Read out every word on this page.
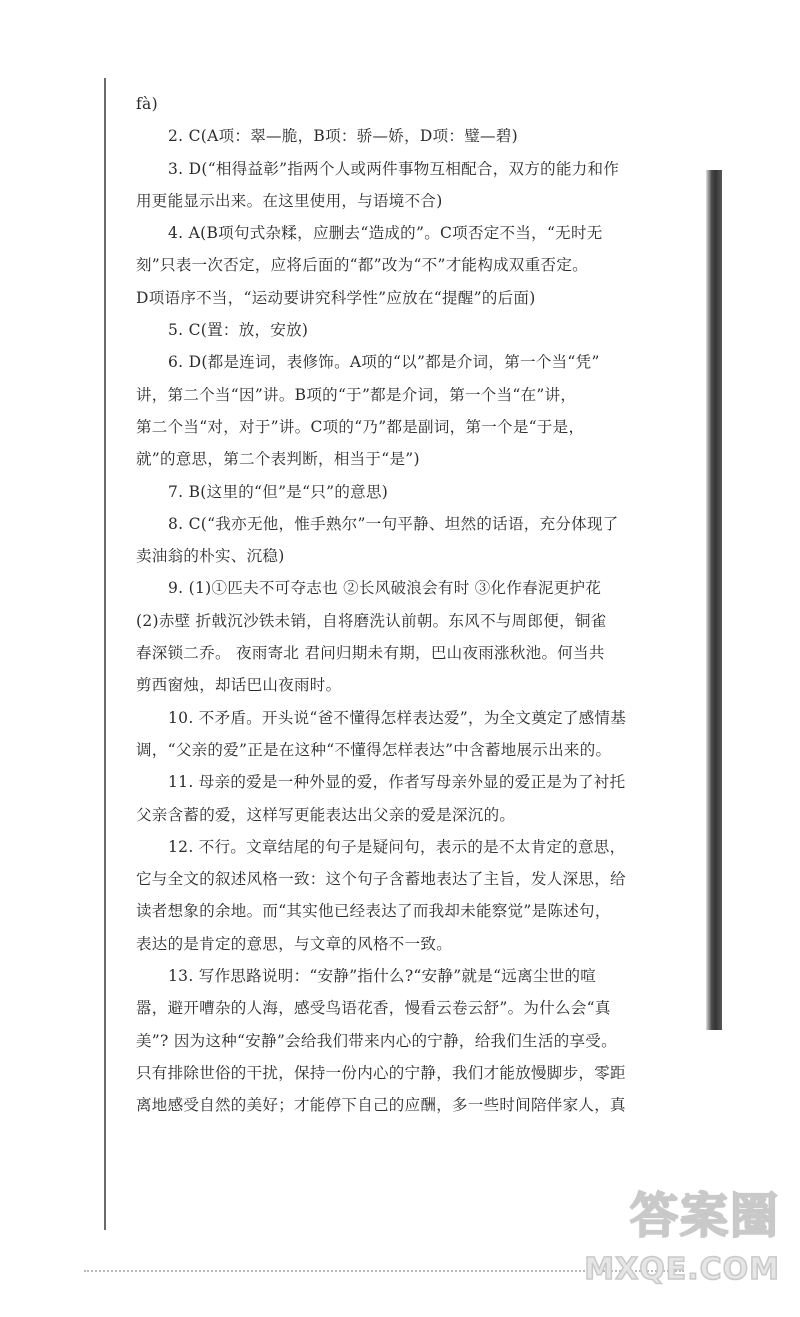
fà)

2. C(A项：翠—脆，B项：骄—娇，D项：璧—碧)

3. D(“相得益彰”指两个人或两件事物互相配合，双方的能力和作

用更能显示出来。在这里使用，与语境不合)

4. A(B项句式杂糅，应删去“造成的”。C项否定不当，“无时无

刻”只表一次否定，应将后面的“都”改为“不”才能构成双重否定。

D项语序不当，“运动要讲究科学性”应放在“提醒”的后面)

5. C(置：放，安放)

6. D(都是连词，表修饰。A项的“以”都是介词，第一个当“凭”

讲，第二个当“因”讲。B项的“于”都是介词，第一个当“在”讲，

第二个当“对，对于”讲。C项的“乃”都是副词，第一个是“于是，

就”的意思，第二个表判断，相当于“是”)

7. B(这里的“但”是“只”的意思)

8. C(“我亦无他，惟手熟尔”一句平静、坦然的话语，充分体现了

卖油翁的朴实、沉稳)

9. (1)①匹夫不可夺志也 ②长风破浪会有时 ③化作春泥更护花

(2)赤壁 折戟沉沙铁未销，自将磨洗认前朝。东风不与周郎便，铜雀

春深锁二乔。 夜雨寄北 君问归期未有期，巴山夜雨涨秋池。何当共

剪西窗烛，却话巴山夜雨时。

10. 不矛盾。开头说“爸不懂得怎样表达爱”，为全文奠定了感情基

调，“父亲的爱”正是在这种“不懂得怎样表达”中含蓄地展示出来的。

11. 母亲的爱是一种外显的爱，作者写母亲外显的爱正是为了衬托

父亲含蓄的爱，这样写更能表达出父亲的爱是深沉的。

12. 不行。文章结尾的句子是疑问句，表示的是不太肯定的意思，

它与全文的叙述风格一致：这个句子含蓄地表达了主旨，发人深思，给

读者想象的余地。而“其实他已经表达了而我却未能察觉”是陈述句，

表达的是肯定的意思，与文章的风格不一致。

13. 写作思路说明：“安静”指什么?“安静”就是“远离尘世的喧

嚣，避开嘈杂的人海，感受鸟语花香，慢看云卷云舒”。为什么会“真

美”? 因为这种“安静”会给我们带来内心的宁静，给我们生活的享受。

只有排除世俗的干扰，保持一份内心的宁静，我们才能放慢脚步，零距

离地感受自然的美好；才能停下自己的应酬，多一些时间陪伴家人，真

答案圈
MXQE.COM
